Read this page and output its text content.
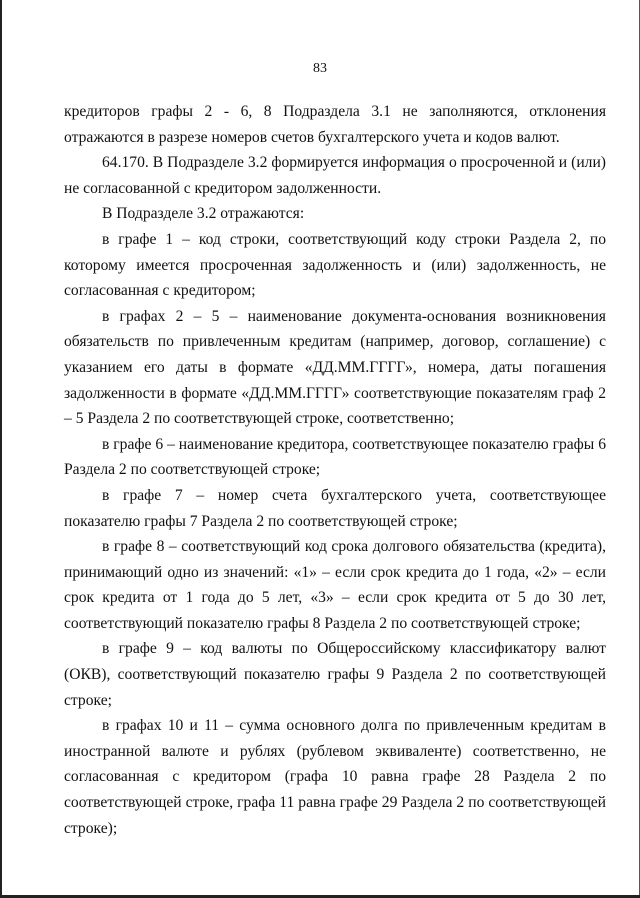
83

кредиторов графы 2 - 6, 8 Подраздела 3.1 не заполняются, отклонения отражаются в разрезе номеров счетов бухгалтерского учета и кодов валют.

64.170. В Подразделе 3.2 формируется информация о просроченной и (или) не согласованной с кредитором задолженности.

В Подразделе 3.2 отражаются:

в графе 1 – код строки, соответствующий коду строки Раздела 2, по которому имеется просроченная задолженность и (или) задолженность, не согласованная с кредитором;

в графах 2 – 5 – наименование документа-основания возникновения обязательств по привлеченным кредитам (например, договор, соглашение) с указанием его даты в формате «ДД.ММ.ГГГГ», номера, даты погашения задолженности в формате «ДД.ММ.ГГГГ» соответствующие показателям граф 2 – 5 Раздела 2 по соответствующей строке, соответственно;

в графе 6 – наименование кредитора, соответствующее показателю графы 6 Раздела 2 по соответствующей строке;

в графе 7 – номер счета бухгалтерского учета, соответствующее показателю графы 7 Раздела 2 по соответствующей строке;

в графе 8 – соответствующий код срока долгового обязательства (кредита), принимающий одно из значений: «1» – если срок кредита до 1 года, «2» – если срок кредита от 1 года до 5 лет, «3» – если срок кредита от 5 до 30 лет, соответствующий показателю графы 8 Раздела 2 по соответствующей строке;

в графе 9 – код валюты по Общероссийскому классификатору валют (ОКВ), соответствующий показателю графы 9 Раздела 2 по соответствующей строке;

в графах 10 и 11 – сумма основного долга по привлеченным кредитам в иностранной валюте и рублях (рублевом эквиваленте) соответственно, не согласованная с кредитором (графа 10 равна графе 28 Раздела 2 по соответствующей строке, графа 11 равна графе 29 Раздела 2 по соответствующей строке);
